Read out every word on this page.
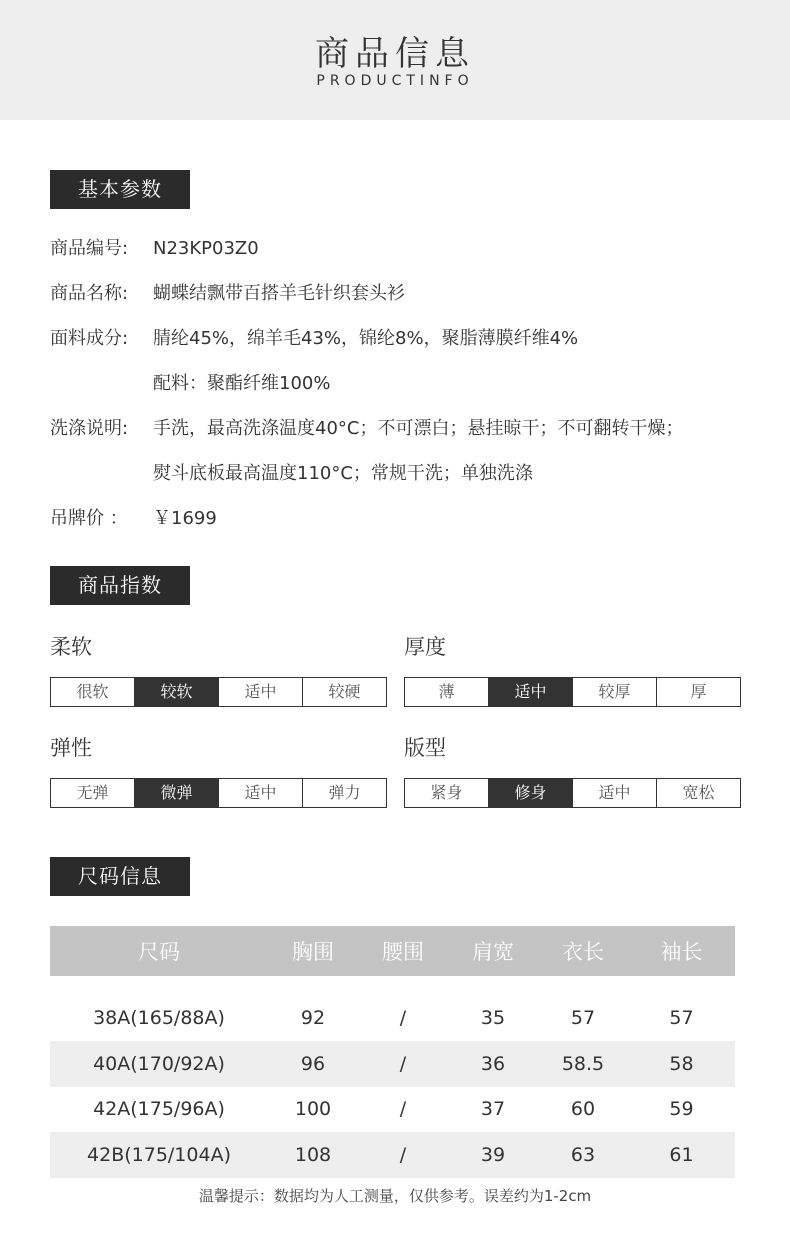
商品信息
PRODUCTINFO
基本参数
商品编号: N23KP03Z0
商品名称: 蝴蝶结飘带百搭羊毛针织套头衫
面料成分: 腈纶45%，绵羊毛43%，锦纶8%，聚脂薄膜纤维4%
配料：聚酯纤维100%
洗涤说明: 手洗，最高洗涤温度40°C；不可漂白；悬挂晾干；不可翻转干燥；
熨斗底板最高温度110°C；常规干洗；单独洗涤
吊牌价 ： ￥1699
商品指数
柔软
很软	较软	适中	较硬
厚度
薄	适中	较厚	厚
弹性
无弹	微弹	适中	弹力
版型
紧身	修身	适中	宽松
尺码信息
尺码	胸围	腰围	肩宽	衣长	袖长
38A(165/88A)	92	/	35	57	57
40A(170/92A)	96	/	36	58.5	58
42A(175/96A)	100	/	37	60	59
42B(175/104A)	108	/	39	63	61
温馨提示：数据均为人工测量，仅供参考。误差约为1-2cm
